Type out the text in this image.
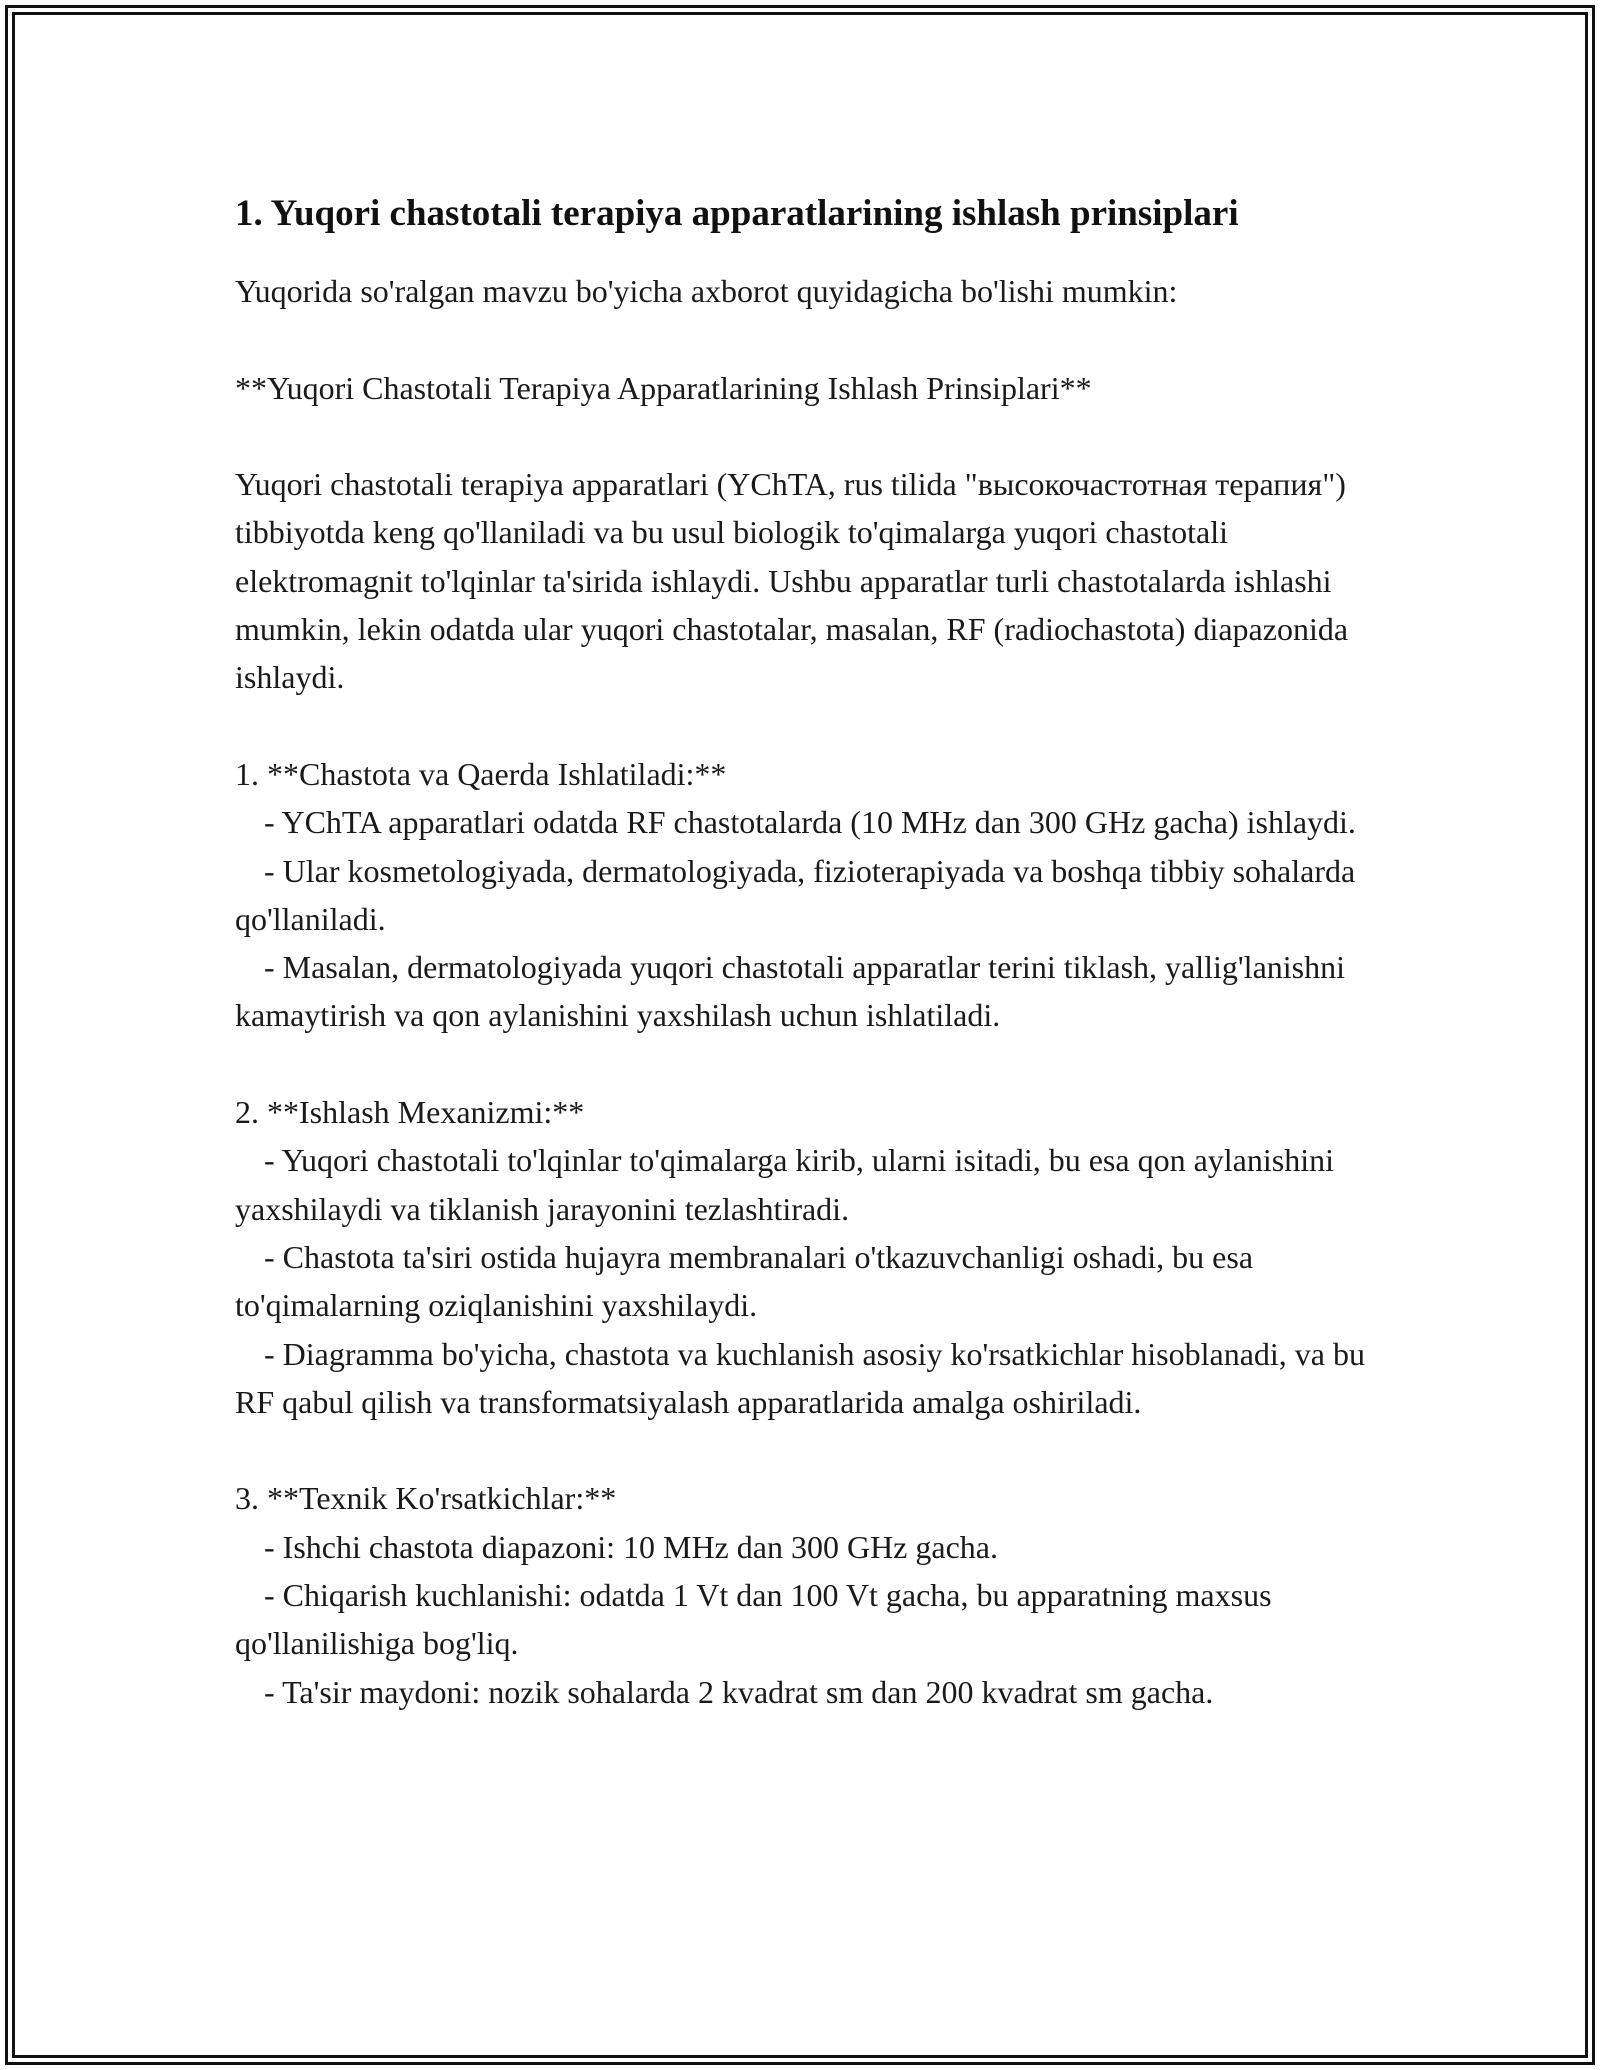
1. Yuqori chastotali terapiya apparatlarining ishlash prinsiplari

Yuqorida so'ralgan mavzu bo'yicha axborot quyidagicha bo'lishi mumkin:

**Yuqori Chastotali Terapiya Apparatlarining Ishlash Prinsiplari**

Yuqori chastotali terapiya apparatlari (YChTA, rus tilida "высокочастотная терапия") tibbiyotda keng qo'llaniladi va bu usul biologik to'qimalarga yuqori chastotali elektromagnit to'lqinlar ta'sirida ishlaydi. Ushbu apparatlar turli chastotalarda ishlashi mumkin, lekin odatda ular yuqori chastotalar, masalan, RF (radiochastota) diapazonida ishlaydi.

1. **Chastota va Qaerda Ishlatiladi:**

- YChTA apparatlari odatda RF chastotalarda (10 MHz dan 300 GHz gacha) ishlaydi.

- Ular kosmetologiyada, dermatologiyada, fizioterapiyada va boshqa tibbiy sohalarda qo'llaniladi.

- Masalan, dermatologiyada yuqori chastotali apparatlar terini tiklash, yallig'lanishni kamaytirish va qon aylanishini yaxshilash uchun ishlatiladi.

2. **Ishlash Mexanizmi:**

- Yuqori chastotali to'lqinlar to'qimalarga kirib, ularni isitadi, bu esa qon aylanishini yaxshilaydi va tiklanish jarayonini tezlashtiradi.

- Chastota ta'siri ostida hujayra membranalari o'tkazuvchanligi oshadi, bu esa to'qimalarning oziqlanishini yaxshilaydi.

- Diagramma bo'yicha, chastota va kuchlanish asosiy ko'rsatkichlar hisoblanadi, va bu RF qabul qilish va transformatsiyalash apparatlarida amalga oshiriladi.

3. **Texnik Ko'rsatkichlar:**

- Ishchi chastota diapazoni: 10 MHz dan 300 GHz gacha.

- Chiqarish kuchlanishi: odatda 1 Vt dan 100 Vt gacha, bu apparatning maxsus qo'llanilishiga bog'liq.

- Ta'sir maydoni: nozik sohalarda 2 kvadrat sm dan 200 kvadrat sm gacha.
